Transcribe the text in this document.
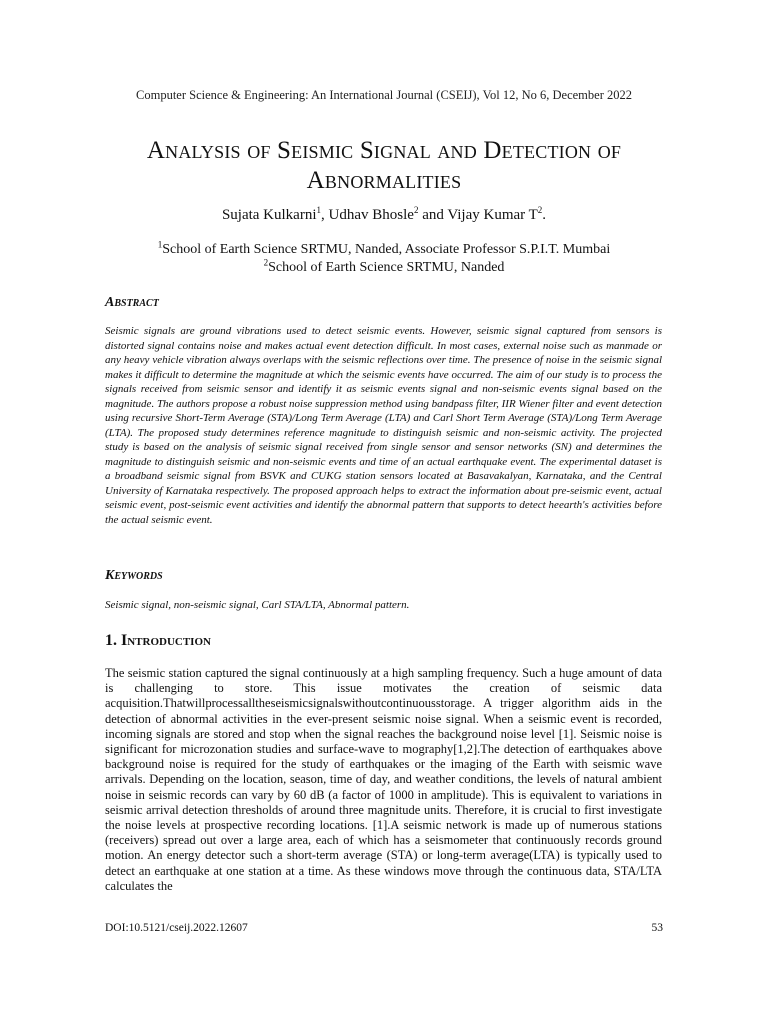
Computer Science & Engineering: An International Journal (CSEIJ), Vol 12, No 6, December 2022
Analysis of Seismic Signal and Detection of Abnormalities
Sujata Kulkarni$^1$, Udhav Bhosle$^2$ and Vijay Kumar $T^2$.
$^1$School of Earth Science SRTMU, Nanded, Associate Professor S.P.I.T. Mumbai
$^2$School of Earth Science SRTMU, Nanded
Abstract
Seismic signals are ground vibrations used to detect seismic events. However, seismic signal captured from sensors is distorted signal contains noise and makes actual event detection difficult. In most cases, external noise such as manmade or any heavy vehicle vibration always overlaps with the seismic reflections over time. The presence of noise in the seismic signal makes it difficult to determine the magnitude at which the seismic events have occurred. The aim of our study is to process the signals received from seismic sensor and identify it as seismic events signal and non-seismic events signal based on the magnitude. The authors propose a robust noise suppression method using bandpass filter, IIR Wiener filter and event detection using recursive Short-Term Average (STA)/Long Term Average (LTA) and Carl Short Term Average (STA)/Long Term Average (LTA). The proposed study determines reference magnitude to distinguish seismic and non-seismic activity. The projected study is based on the analysis of seismic signal received from single sensor and sensor networks (SN) and determines the magnitude to distinguish seismic and non-seismic events and time of an actual earthquake event. The experimental dataset is a broadband seismic signal from BSVK and CUKG station sensors located at Basavakalyan, Karnataka, and the Central University of Karnataka respectively. The proposed approach helps to extract the information about pre-seismic event, actual seismic event, post-seismic event activities and identify the abnormal pattern that supports to detect heearth's activities before the actual seismic event.
Keywords
Seismic signal, non-seismic signal, Carl STA/LTA, Abnormal pattern.
1. Introduction
The seismic station captured the signal continuously at a high sampling frequency. Such a huge amount of data is challenging to store. This issue motivates the creation of seismic data acquisition.Thatwillprocessalltheseismicsignalswithoutcontinuousstorage. A trigger algorithm aids in the detection of abnormal activities in the ever-present seismic noise signal. When a seismic event is recorded, incoming signals are stored and stop when the signal reaches the background noise level [1]. Seismic noise is significant for microzonation studies and surface-wave to mography[1,2].The detection of earthquakes above background noise is required for the study of earthquakes or the imaging of the Earth with seismic wave arrivals. Depending on the location, season, time of day, and weather conditions, the levels of natural ambient noise in seismic records can vary by 60 dB (a factor of 1000 in amplitude). This is equivalent to variations in seismic arrival detection thresholds of around three magnitude units. Therefore, it is crucial to first investigate the noise levels at prospective recording locations. [1].A seismic network is made up of numerous stations (receivers) spread out over a large area, each of which has a seismometer that continuously records ground motion. An energy detector such a short-term average (STA) or long-term average(LTA) is typically used to detect an earthquake at one station at a time. As these windows move through the continuous data, STA/LTA calculates the
DOI:10.5121/cseij.2022.12607	53
